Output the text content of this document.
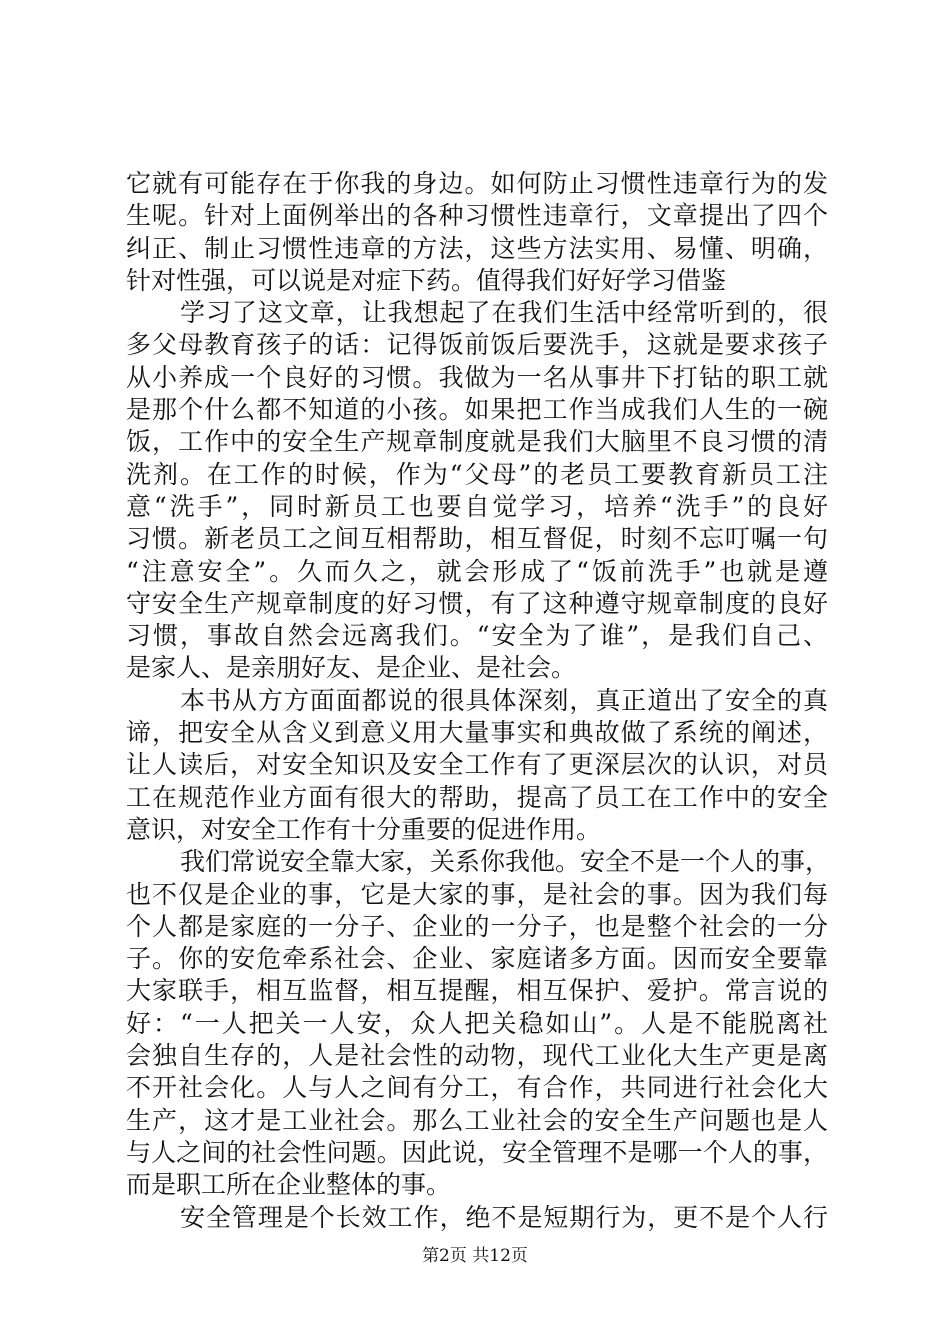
它就有可能存在于你我的身边。如何防止习惯性违章行为的发
生呢。针对上面例举出的各种习惯性违章行，文章提出了四个
纠正、制止习惯性违章的方法，这些方法实用、易懂、明确，
针对性强，可以说是对症下药。值得我们好好学习借鉴
学习了这文章，让我想起了在我们生活中经常听到的，很
多父母教育孩子的话：记得饭前饭后要洗手，这就是要求孩子
从小养成一个良好的习惯。我做为一名从事井下打钻的职工就
是那个什么都不知道的小孩。如果把工作当成我们人生的一碗
饭，工作中的安全生产规章制度就是我们大脑里不良习惯的清
洗剂。在工作的时候，作为“父母”的老员工要教育新员工注
意“洗手”，同时新员工也要自觉学习，培养“洗手”的良好
习惯。新老员工之间互相帮助，相互督促，时刻不忘叮嘱一句
“注意安全”。久而久之，就会形成了“饭前洗手”也就是遵
守安全生产规章制度的好习惯，有了这种遵守规章制度的良好
习惯，事故自然会远离我们。“安全为了谁”，是我们自己、
是家人、是亲朋好友、是企业、是社会。
本书从方方面面都说的很具体深刻，真正道出了安全的真
谛，把安全从含义到意义用大量事实和典故做了系统的阐述，
让人读后，对安全知识及安全工作有了更深层次的认识，对员
工在规范作业方面有很大的帮助，提高了员工在工作中的安全
意识，对安全工作有十分重要的促进作用。
我们常说安全靠大家，关系你我他。安全不是一个人的事，
也不仅是企业的事，它是大家的事，是社会的事。因为我们每
个人都是家庭的一分子、企业的一分子，也是整个社会的一分
子。你的安危牵系社会、企业、家庭诸多方面。因而安全要靠
大家联手，相互监督，相互提醒，相互保护、爱护。常言说的
好：“一人把关一人安，众人把关稳如山”。人是不能脱离社
会独自生存的，人是社会性的动物，现代工业化大生产更是离
不开社会化。人与人之间有分工，有合作，共同进行社会化大
生产，这才是工业社会。那么工业社会的安全生产问题也是人
与人之间的社会性问题。因此说，安全管理不是哪一个人的事，
而是职工所在企业整体的事。
安全管理是个长效工作，绝不是短期行为，更不是个人行
第2页 共12页
